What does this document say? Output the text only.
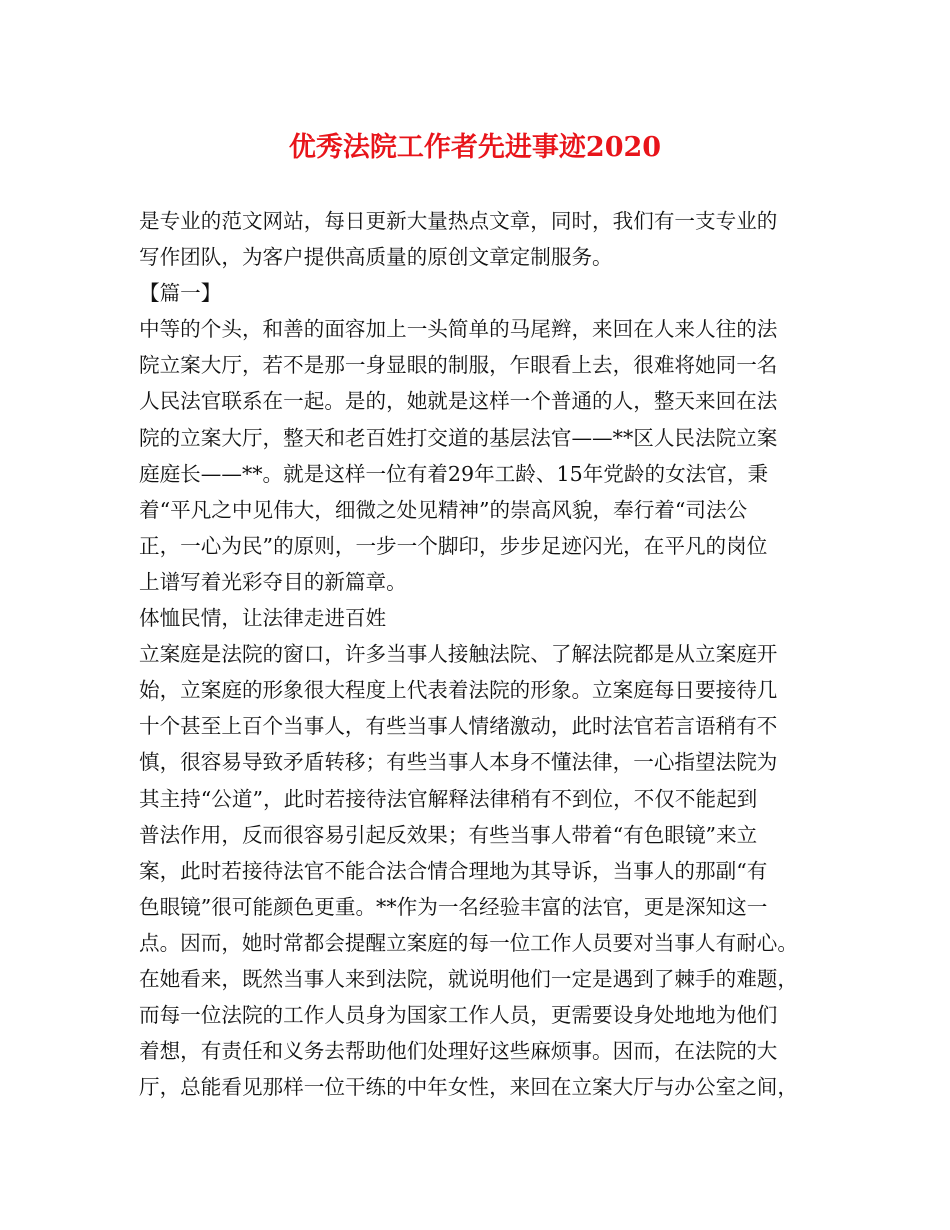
优秀法院工作者先进事迹2020
是专业的范文网站，每日更新大量热点文章，同时，我们有一支专业的
写作团队，为客户提供高质量的原创文章定制服务。
【篇一】
中等的个头，和善的面容加上一头简单的马尾辫，来回在人来人往的法
院立案大厅，若不是那一身显眼的制服，乍眼看上去，很难将她同一名
人民法官联系在一起。是的，她就是这样一个普通的人，整天来回在法
院的立案大厅，整天和老百姓打交道的基层法官——**区人民法院立案
庭庭长——**。就是这样一位有着29年工龄、15年党龄的女法官，秉
着“平凡之中见伟大，细微之处见精神”的崇高风貌，奉行着“司法公
正，一心为民”的原则，一步一个脚印，步步足迹闪光，在平凡的岗位
上谱写着光彩夺目的新篇章。
体恤民情，让法律走进百姓
立案庭是法院的窗口，许多当事人接触法院、了解法院都是从立案庭开
始，立案庭的形象很大程度上代表着法院的形象。立案庭每日要接待几
十个甚至上百个当事人，有些当事人情绪激动，此时法官若言语稍有不
慎，很容易导致矛盾转移；有些当事人本身不懂法律，一心指望法院为
其主持“公道”，此时若接待法官解释法律稍有不到位，不仅不能起到
普法作用，反而很容易引起反效果；有些当事人带着“有色眼镜”来立
案，此时若接待法官不能合法合情合理地为其导诉，当事人的那副“有
色眼镜”很可能颜色更重。**作为一名经验丰富的法官，更是深知这一
点。因而，她时常都会提醒立案庭的每一位工作人员要对当事人有耐心。
在她看来，既然当事人来到法院，就说明他们一定是遇到了棘手的难题，
而每一位法院的工作人员身为国家工作人员，更需要设身处地地为他们
着想，有责任和义务去帮助他们处理好这些麻烦事。因而，在法院的大
厅，总能看见那样一位干练的中年女性，来回在立案大厅与办公室之间，
